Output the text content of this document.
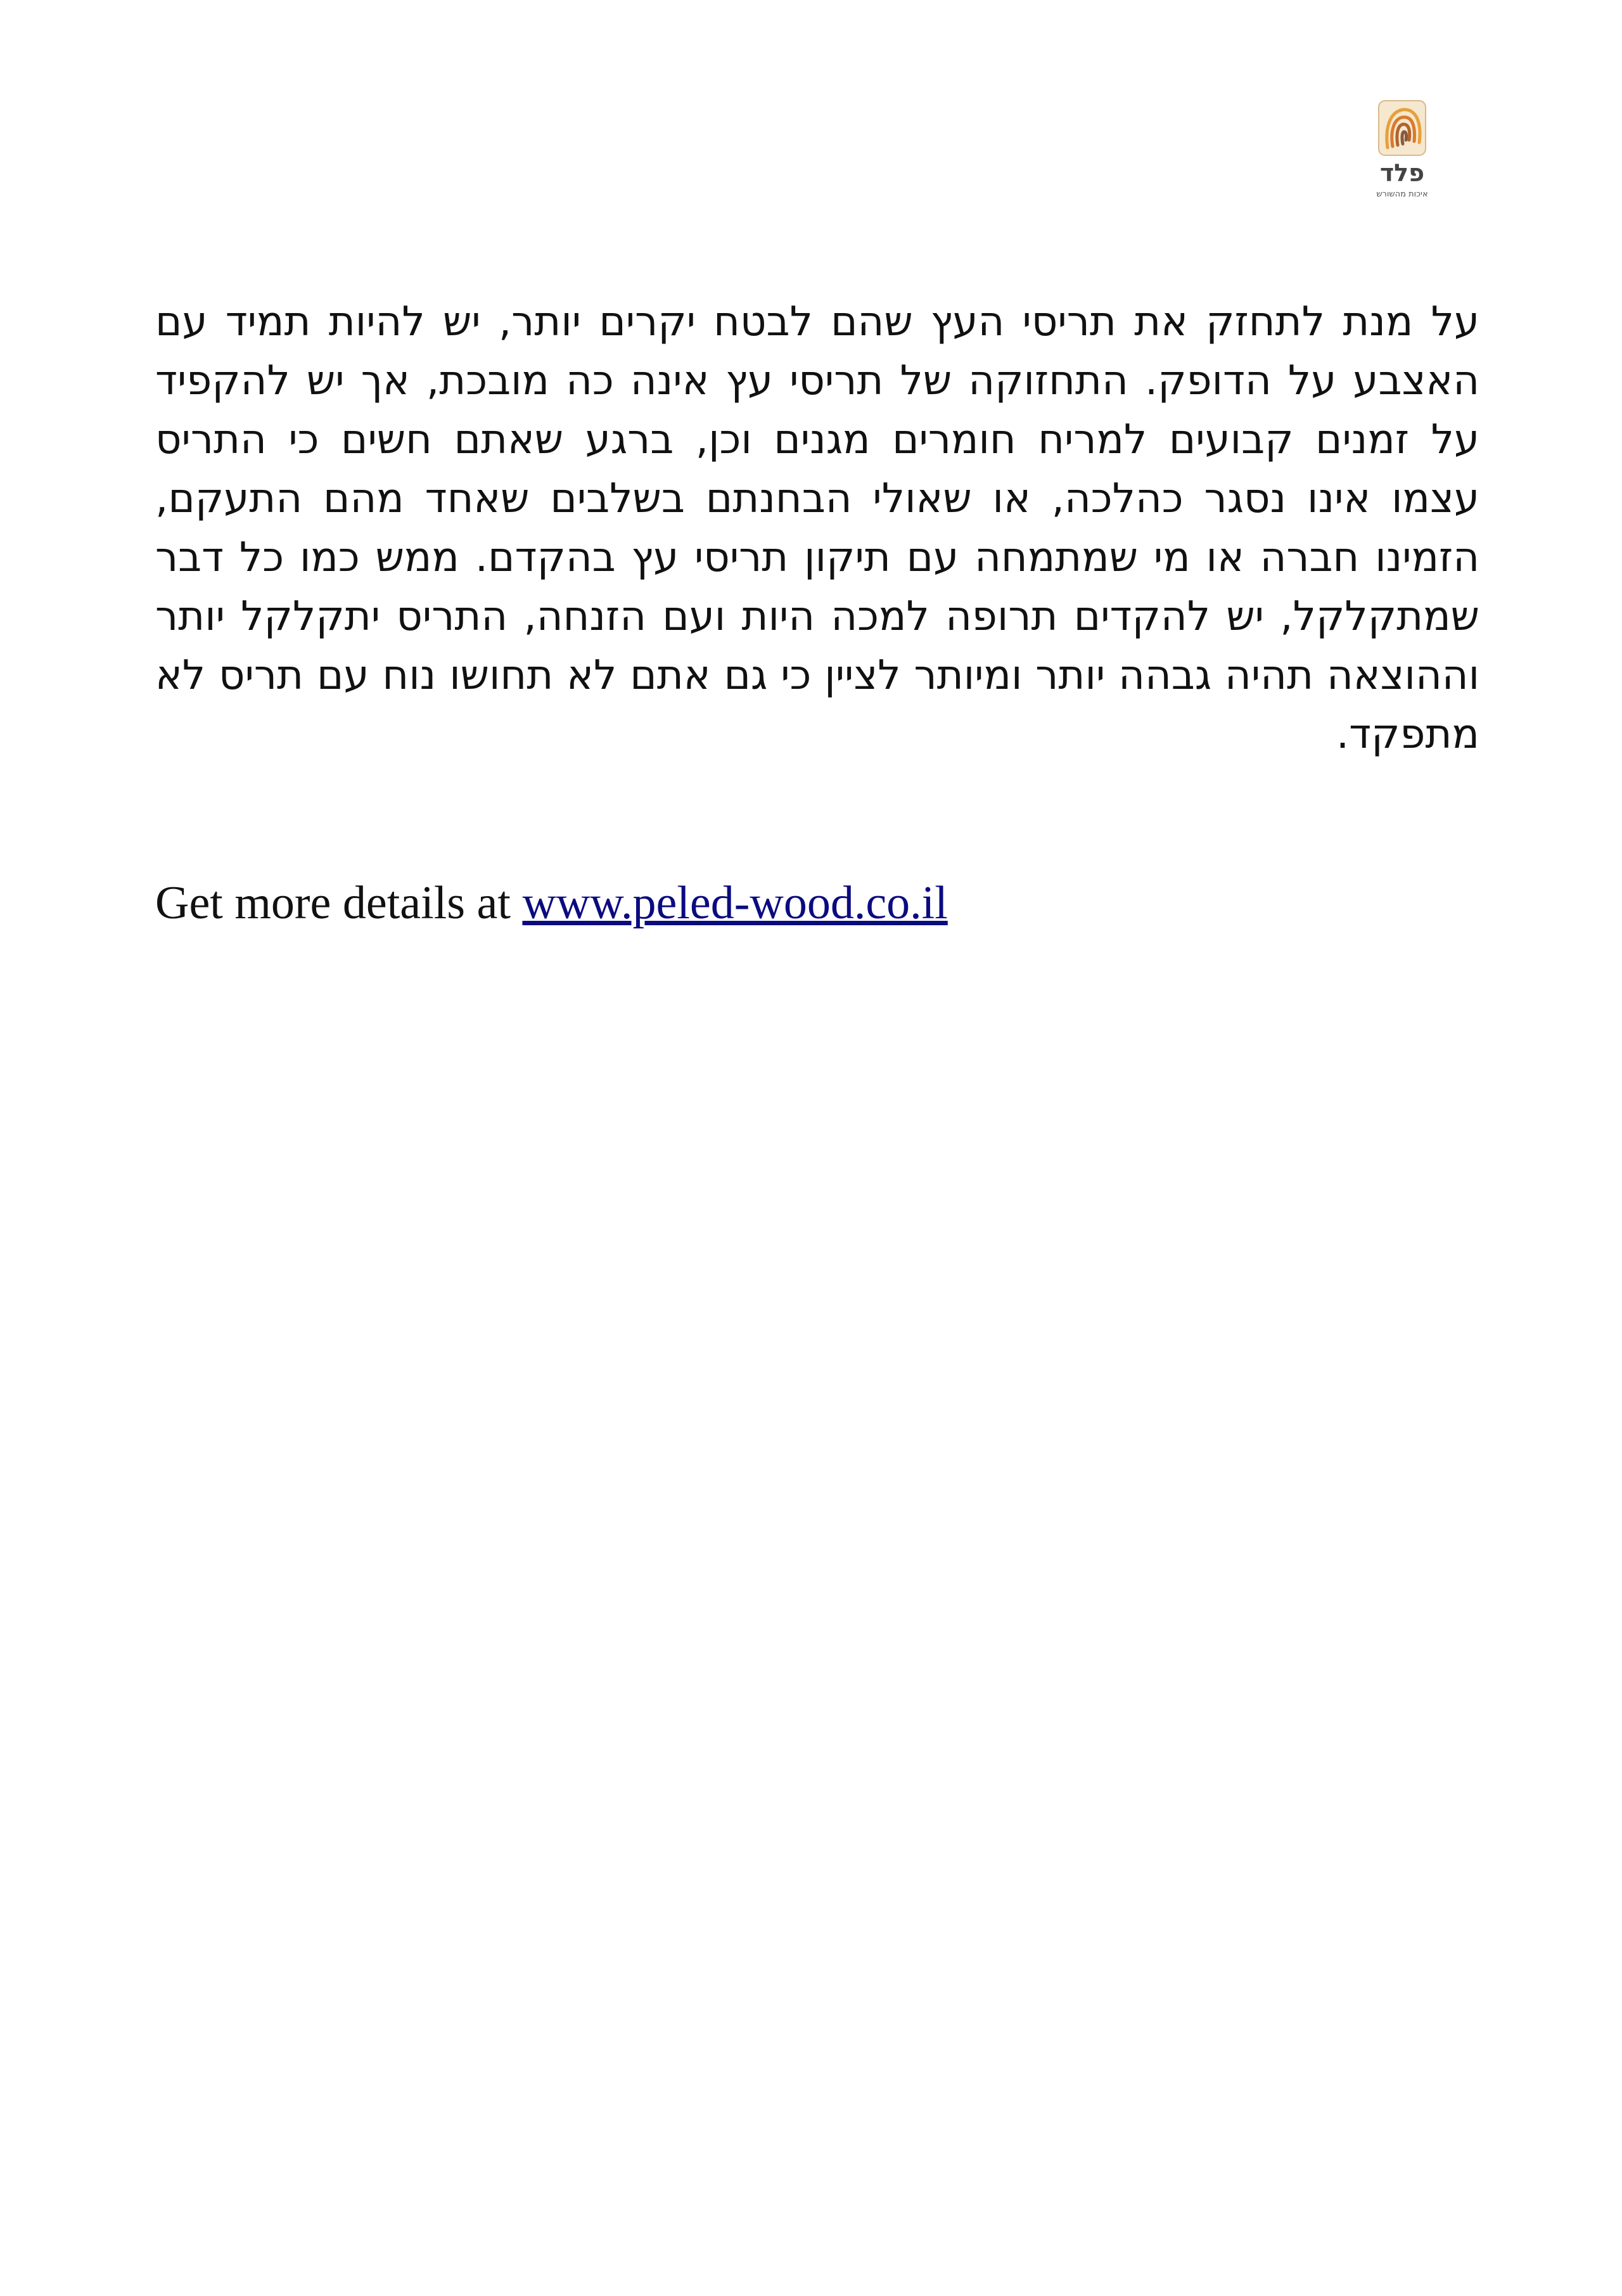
פלד
איכות מהשורש

על מנת לתחזק את תריסי העץ שהם לבטח יקרים יותר, יש להיות תמיד עם האצבע על הדופק. התחזוקה של תריסי עץ אינה כה מובכת, אך יש להקפיד על זמנים קבועים למריח חומרים מגנים וכן, ברגע שאתם חשים כי התריס עצמו אינו נסגר כהלכה, או שאולי הבחנתם בשלבים שאחד מהם התעקם, הזמינו חברה או מי שמתמחה עם תיקון תריסי עץ בהקדם. ממש כמו כל דבר שמתקלקל, יש להקדים תרופה למכה היות ועם הזנחה, התריס יתקלקל יותר וההוצאה תהיה גבהה יותר ומיותר לציין כי גם אתם לא תחושו נוח עם תריס לא מתפקד.

Get more details at www.peled-wood.co.il
